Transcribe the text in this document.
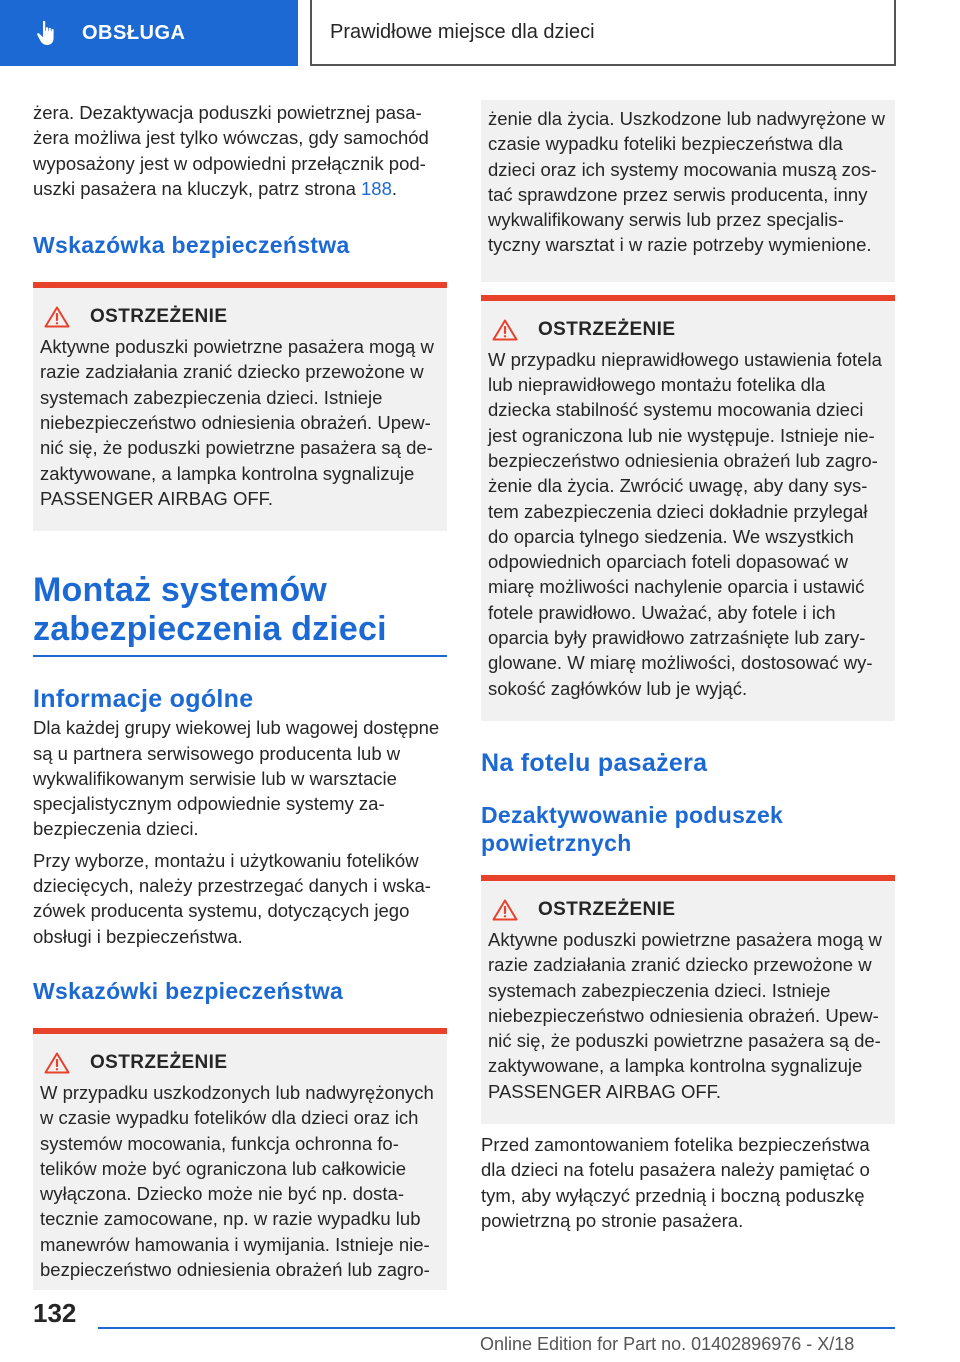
OBSŁUGA	Prawidłowe miejsce dla dzieci

żera. Dezaktywacja poduszki powietrznej pasażera możliwa jest tylko wówczas, gdy samochód wyposażony jest w odpowiedni przełącznik poduszki pasażera na kluczyk, patrz strona 188.

Wskazówka bezpieczeństwa
OSTRZEŻENIE

Aktywne poduszki powietrzne pasażera mogą w razie zadziałania zranić dziecko przewożone w systemach zabezpieczenia dzieci. Istnieje niebezpieczeństwo odniesienia obrażeń. Upewnić się, że poduszki powietrzne pasażera są dezaktywowane, a lampka kontrolna sygnalizuje PASSENGER AIRBAG OFF.

Montaż systemów zabezpieczenia dzieci
Informacje ogólne

Dla każdej grupy wiekowej lub wagowej dostępne są u partnera serwisowego producenta lub w wykwalifikowanym serwisie lub w warsztacie specjalistycznym odpowiednie systemy zabezpieczenia dzieci.

Przy wyborze, montażu i użytkowaniu fotelików dziecięcych, należy przestrzegać danych i wskazówek producenta systemu, dotyczących jego obsługi i bezpieczeństwa.

Wskazówki bezpieczeństwa
OSTRZEŻENIE

W przypadku uszkodzonych lub nadwyrężonych w czasie wypadku fotelików dla dzieci oraz ich systemów mocowania, funkcja ochronna fotelików może być ograniczona lub całkowicie wyłączona. Dziecko może nie być np. dostatecznie zamocowane, np. w razie wypadku lub manewrów hamowania i wymijania. Istnieje niebezpieczeństwo odniesienia obrażeń lub zagro-

żenie dla życia. Uszkodzone lub nadwyrężone w czasie wypadku foteliki bezpieczeństwa dla dzieci oraz ich systemy mocowania muszą zostać sprawdzone przez serwis producenta, inny wykwalifikowany serwis lub przez specjalistyczny warsztat i w razie potrzeby wymienione.

OSTRZEŻENIE

W przypadku nieprawidłowego ustawienia fotela lub nieprawidłowego montażu fotelika dla dziecka stabilność systemu mocowania dzieci jest ograniczona lub nie występuje. Istnieje niebezpieczeństwo odniesienia obrażeń lub zagrożenie dla życia. Zwrócić uwagę, aby dany system zabezpieczenia dzieci dokładnie przylegał do oparcia tylnego siedzenia. We wszystkich odpowiednich oparciach foteli dopasować w miarę możliwości nachylenie oparcia i ustawić fotele prawidłowo. Uważać, aby fotele i ich oparcia były prawidłowo zatrzaśnięte lub zaryglowane. W miarę możliwości, dostosować wysokość zagłówków lub je wyjąć.

Na fotelu pasażera
Dezaktywowanie poduszek powietrznych
OSTRZEŻENIE

Aktywne poduszki powietrzne pasażera mogą w razie zadziałania zranić dziecko przewożone w systemach zabezpieczenia dzieci. Istnieje niebezpieczeństwo odniesienia obrażeń. Upewnić się, że poduszki powietrzne pasażera są dezaktywowane, a lampka kontrolna sygnalizuje PASSENGER AIRBAG OFF.

Przed zamontowaniem fotelika bezpieczeństwa dla dzieci na fotelu pasażera należy pamiętać o tym, aby wyłączyć przednią i boczną poduszkę powietrzną po stronie pasażera.

132
Online Edition for Part no. 01402896976 - X/18
